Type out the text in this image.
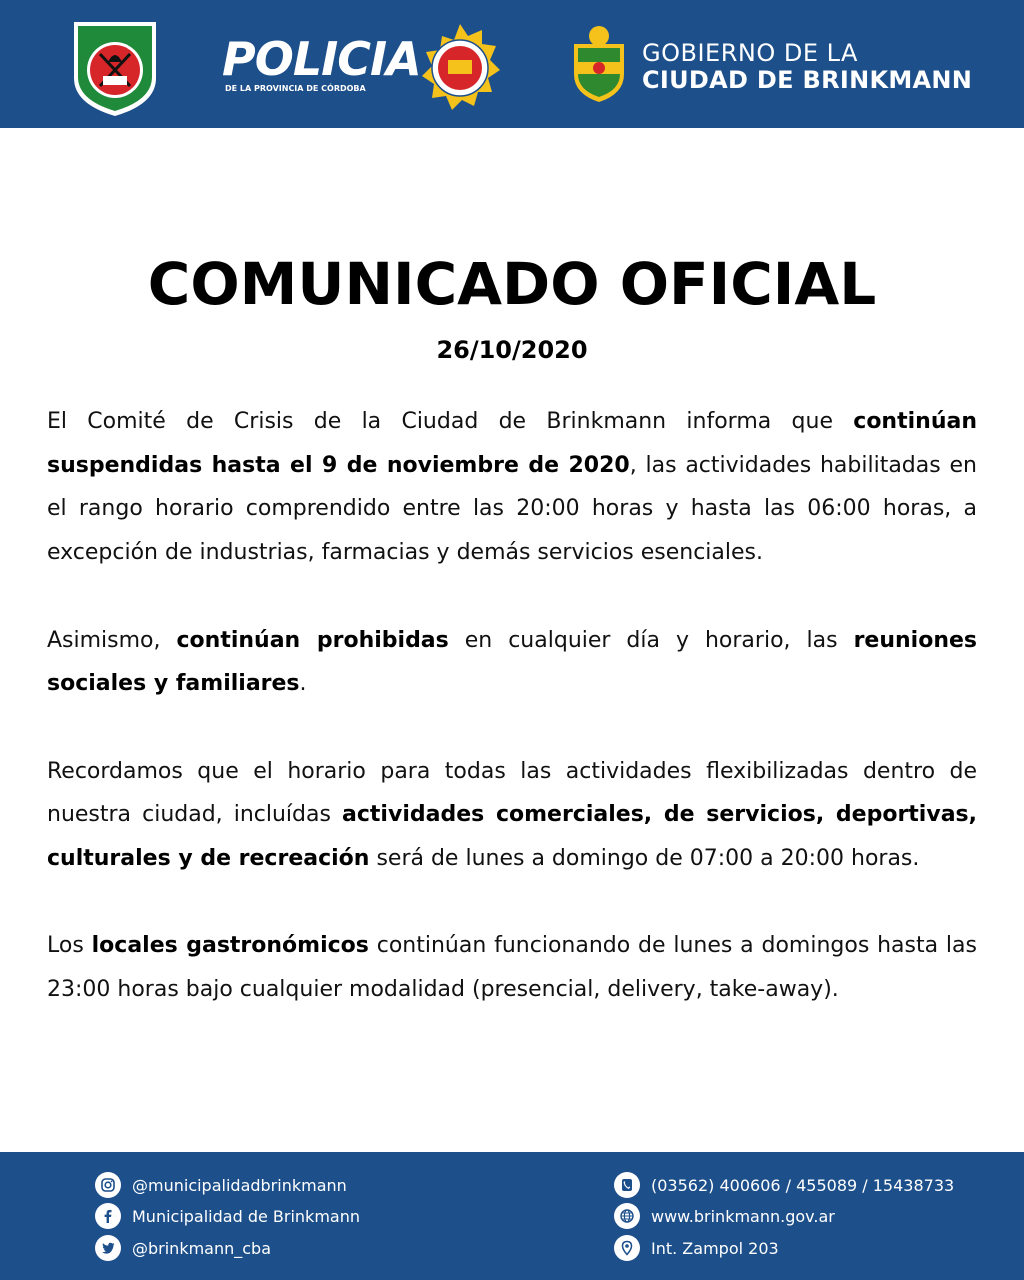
POLICIA
DE LA PROVINCIA DE CÓRDOBA
GOBIERNO DE LA
CIUDAD DE BRINKMANN
COMUNICADO OFICIAL
26/10/2020

El Comité de Crisis de la Ciudad de Brinkmann informa que continúan suspendidas hasta el 9 de noviembre de 2020, las actividades habilitadas en el rango horario comprendido entre las 20:00 horas y hasta las 06:00 horas, a excepción de industrias, farmacias y demás servicios esenciales.

Asimismo, continúan prohibidas en cualquier día y horario, las reuniones sociales y familiares.

Recordamos que el horario para todas las actividades flexibilizadas dentro de nuestra ciudad, incluídas actividades comerciales, de servicios, deportivas, culturales y de recreación será de lunes a domingo de 07:00 a 20:00 horas.

Los locales gastronómicos continúan funcionando de lunes a domingos hasta las 23:00 horas bajo cualquier modalidad (presencial, delivery, take-away).

@municipalidadbrinkmann
Municipalidad de Brinkmann
@brinkmann_cba
(03562) 400606 / 455089 / 15438733
www.brinkmann.gov.ar
Int. Zampol 203
